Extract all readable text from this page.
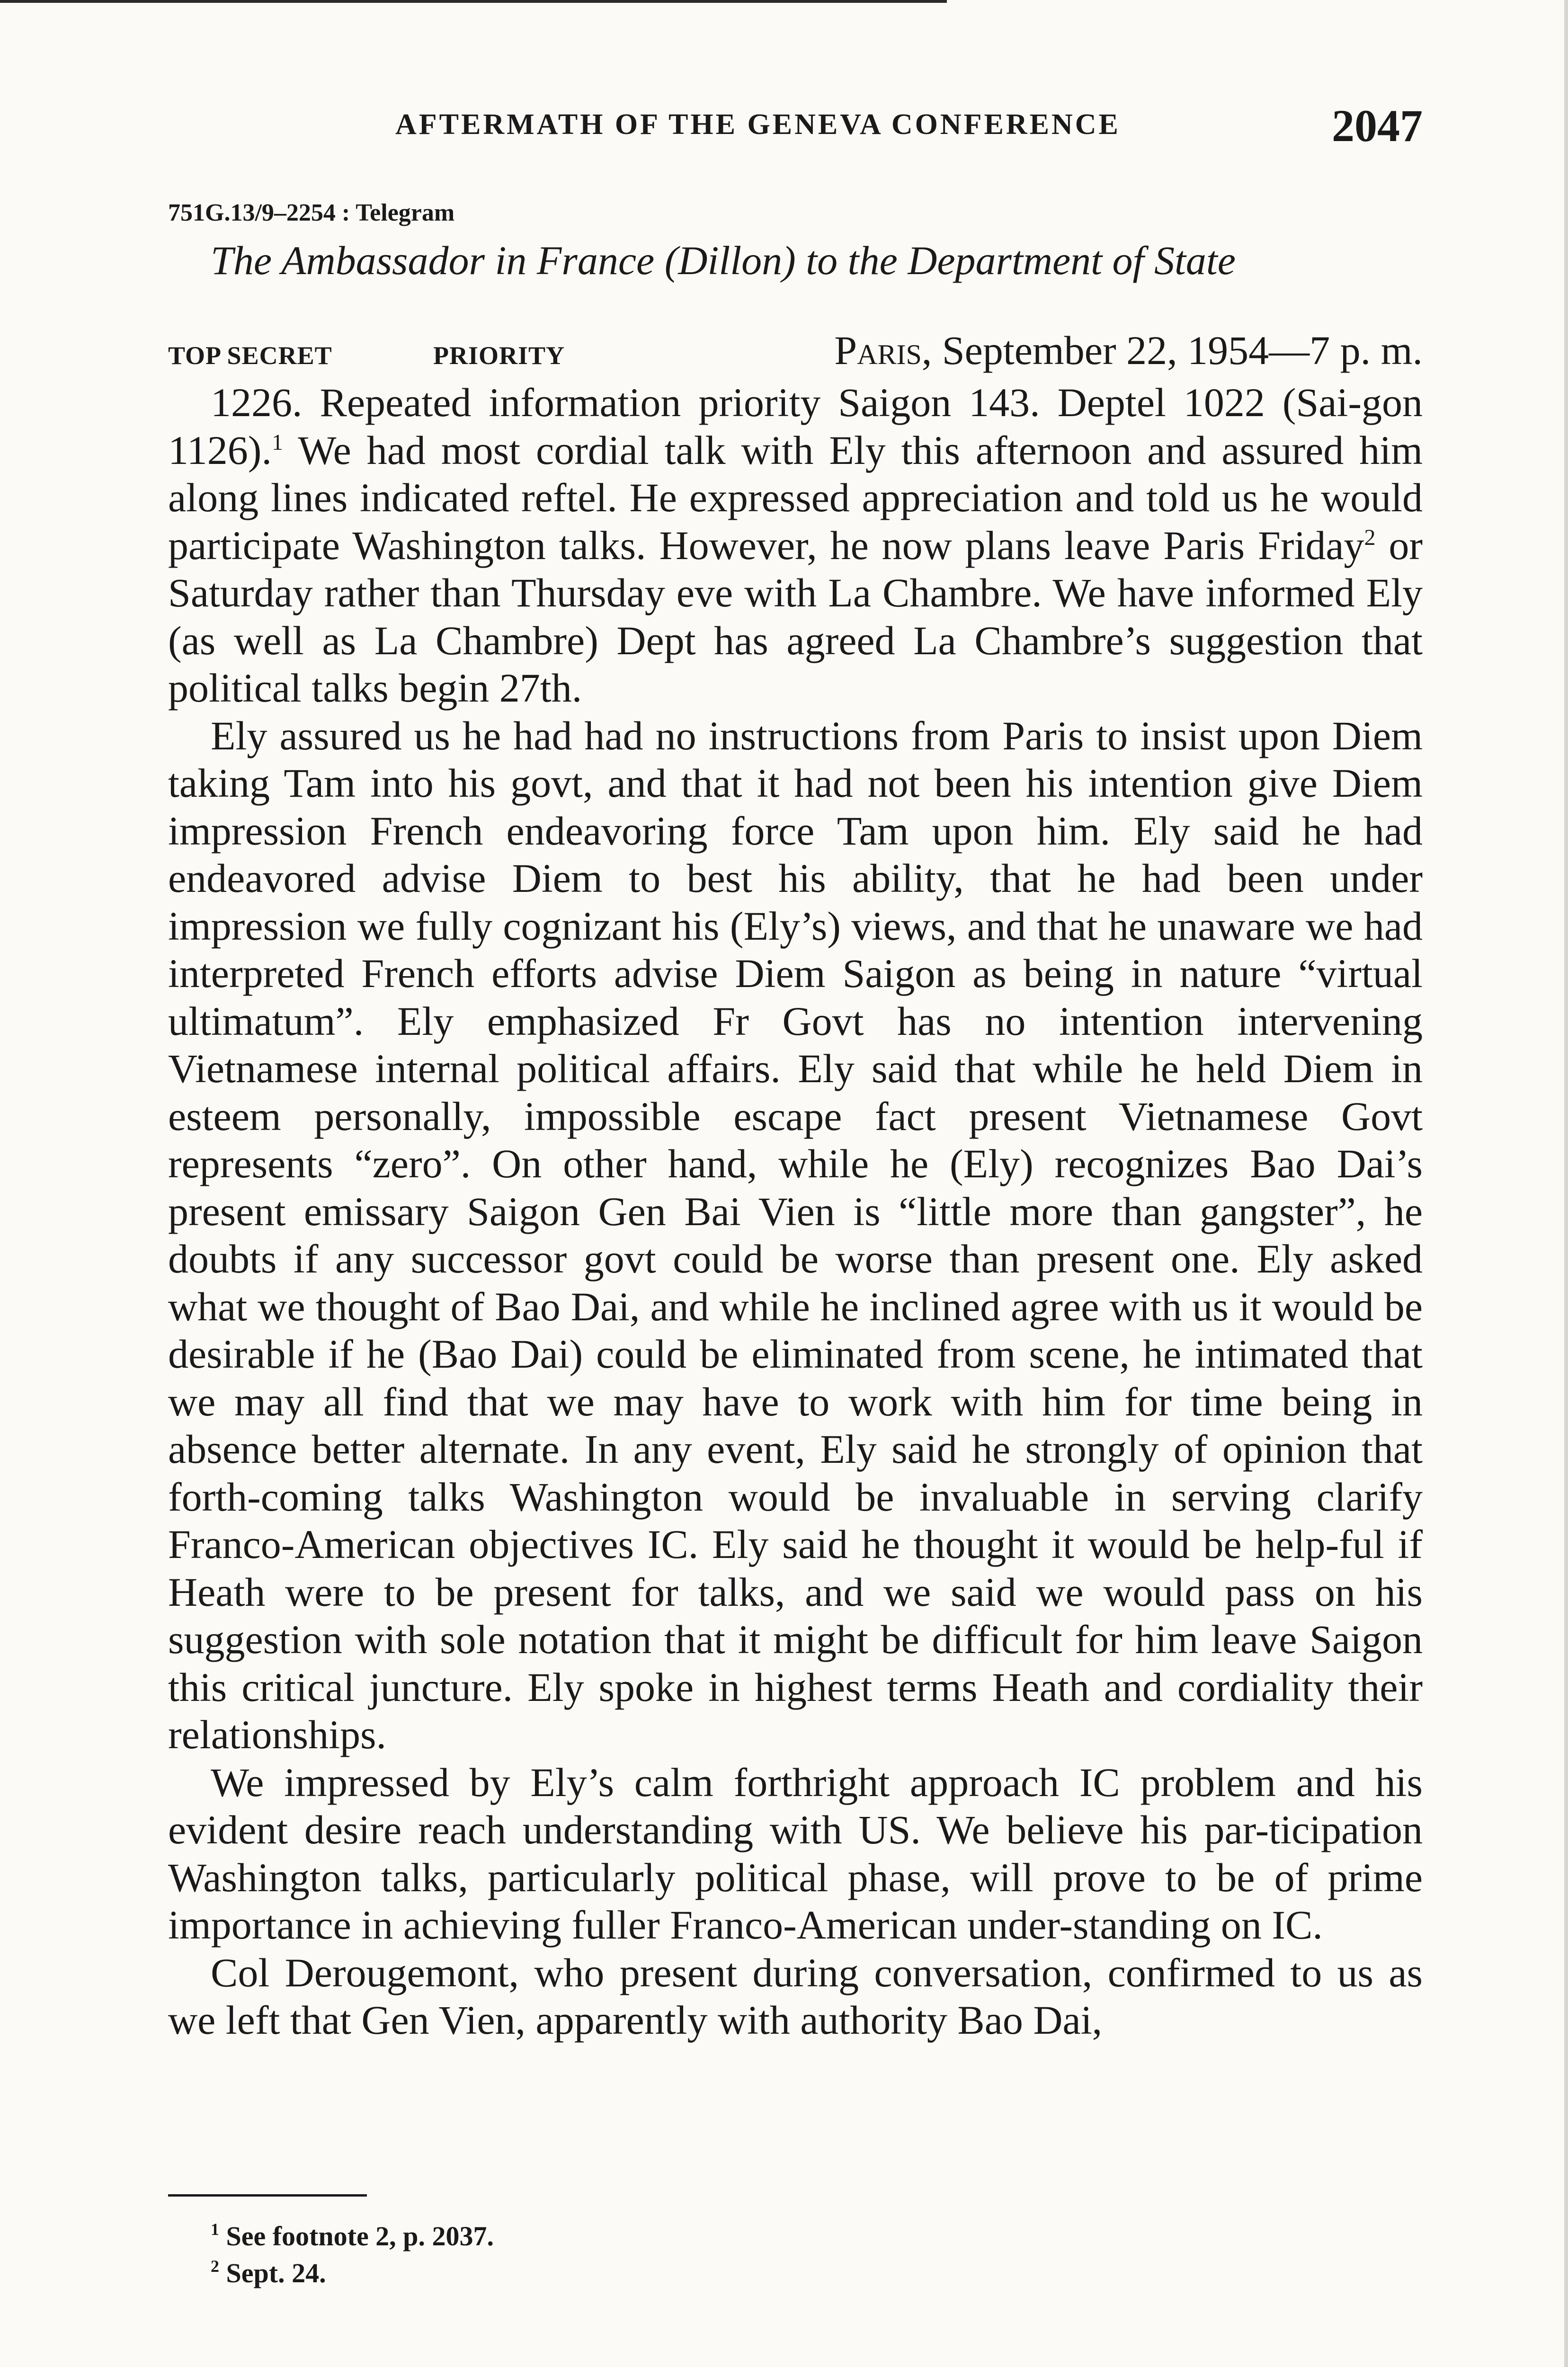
AFTERMATH OF THE GENEVA CONFERENCE	2047
751G.13/9–2254 : Telegram
The Ambassador in France (Dillon) to the Department of State
TOP SECRET	PRIORITY	Paris, September 22, 1954—7 p. m.

1226. Repeated information priority Saigon 143. Deptel 1022 (Sai-gon 1126).$^1$ We had most cordial talk with Ely this afternoon and assured him along lines indicated reftel. He expressed appreciation and told us he would participate Washington talks. However, he now plans leave Paris Friday$^2$ or Saturday rather than Thursday eve with La Chambre. We have informed Ely (as well as La Chambre) Dept has agreed La Chambre’s suggestion that political talks begin 27th.

Ely assured us he had had no instructions from Paris to insist upon Diem taking Tam into his govt, and that it had not been his intention give Diem impression French endeavoring force Tam upon him. Ely said he had endeavored advise Diem to best his ability, that he had been under impression we fully cognizant his (Ely’s) views, and that he unaware we had interpreted French efforts advise Diem Saigon as being in nature “virtual ultimatum”. Ely emphasized Fr Govt has no intention intervening Vietnamese internal political affairs. Ely said that while he held Diem in esteem personally, impossible escape fact present Vietnamese Govt represents “zero”. On other hand, while he (Ely) recognizes Bao Dai’s present emissary Saigon Gen Bai Vien is “little more than gangster”, he doubts if any successor govt could be worse than present one. Ely asked what we thought of Bao Dai, and while he inclined agree with us it would be desirable if he (Bao Dai) could be eliminated from scene, he intimated that we may all find that we may have to work with him for time being in absence better alternate. In any event, Ely said he strongly of opinion that forth-coming talks Washington would be invaluable in serving clarify Franco-American objectives IC. Ely said he thought it would be help-ful if Heath were to be present for talks, and we said we would pass on his suggestion with sole notation that it might be difficult for him leave Saigon this critical juncture. Ely spoke in highest terms Heath and cordiality their relationships.

We impressed by Ely’s calm forthright approach IC problem and his evident desire reach understanding with US. We believe his par-ticipation Washington talks, particularly political phase, will prove to be of prime importance in achieving fuller Franco-American under-standing on IC.

Col Derougemont, who present during conversation, confirmed to us as we left that Gen Vien, apparently with authority Bao Dai,

$^1$ See footnote 2, p. 2037.
$^2$ Sept. 24.
